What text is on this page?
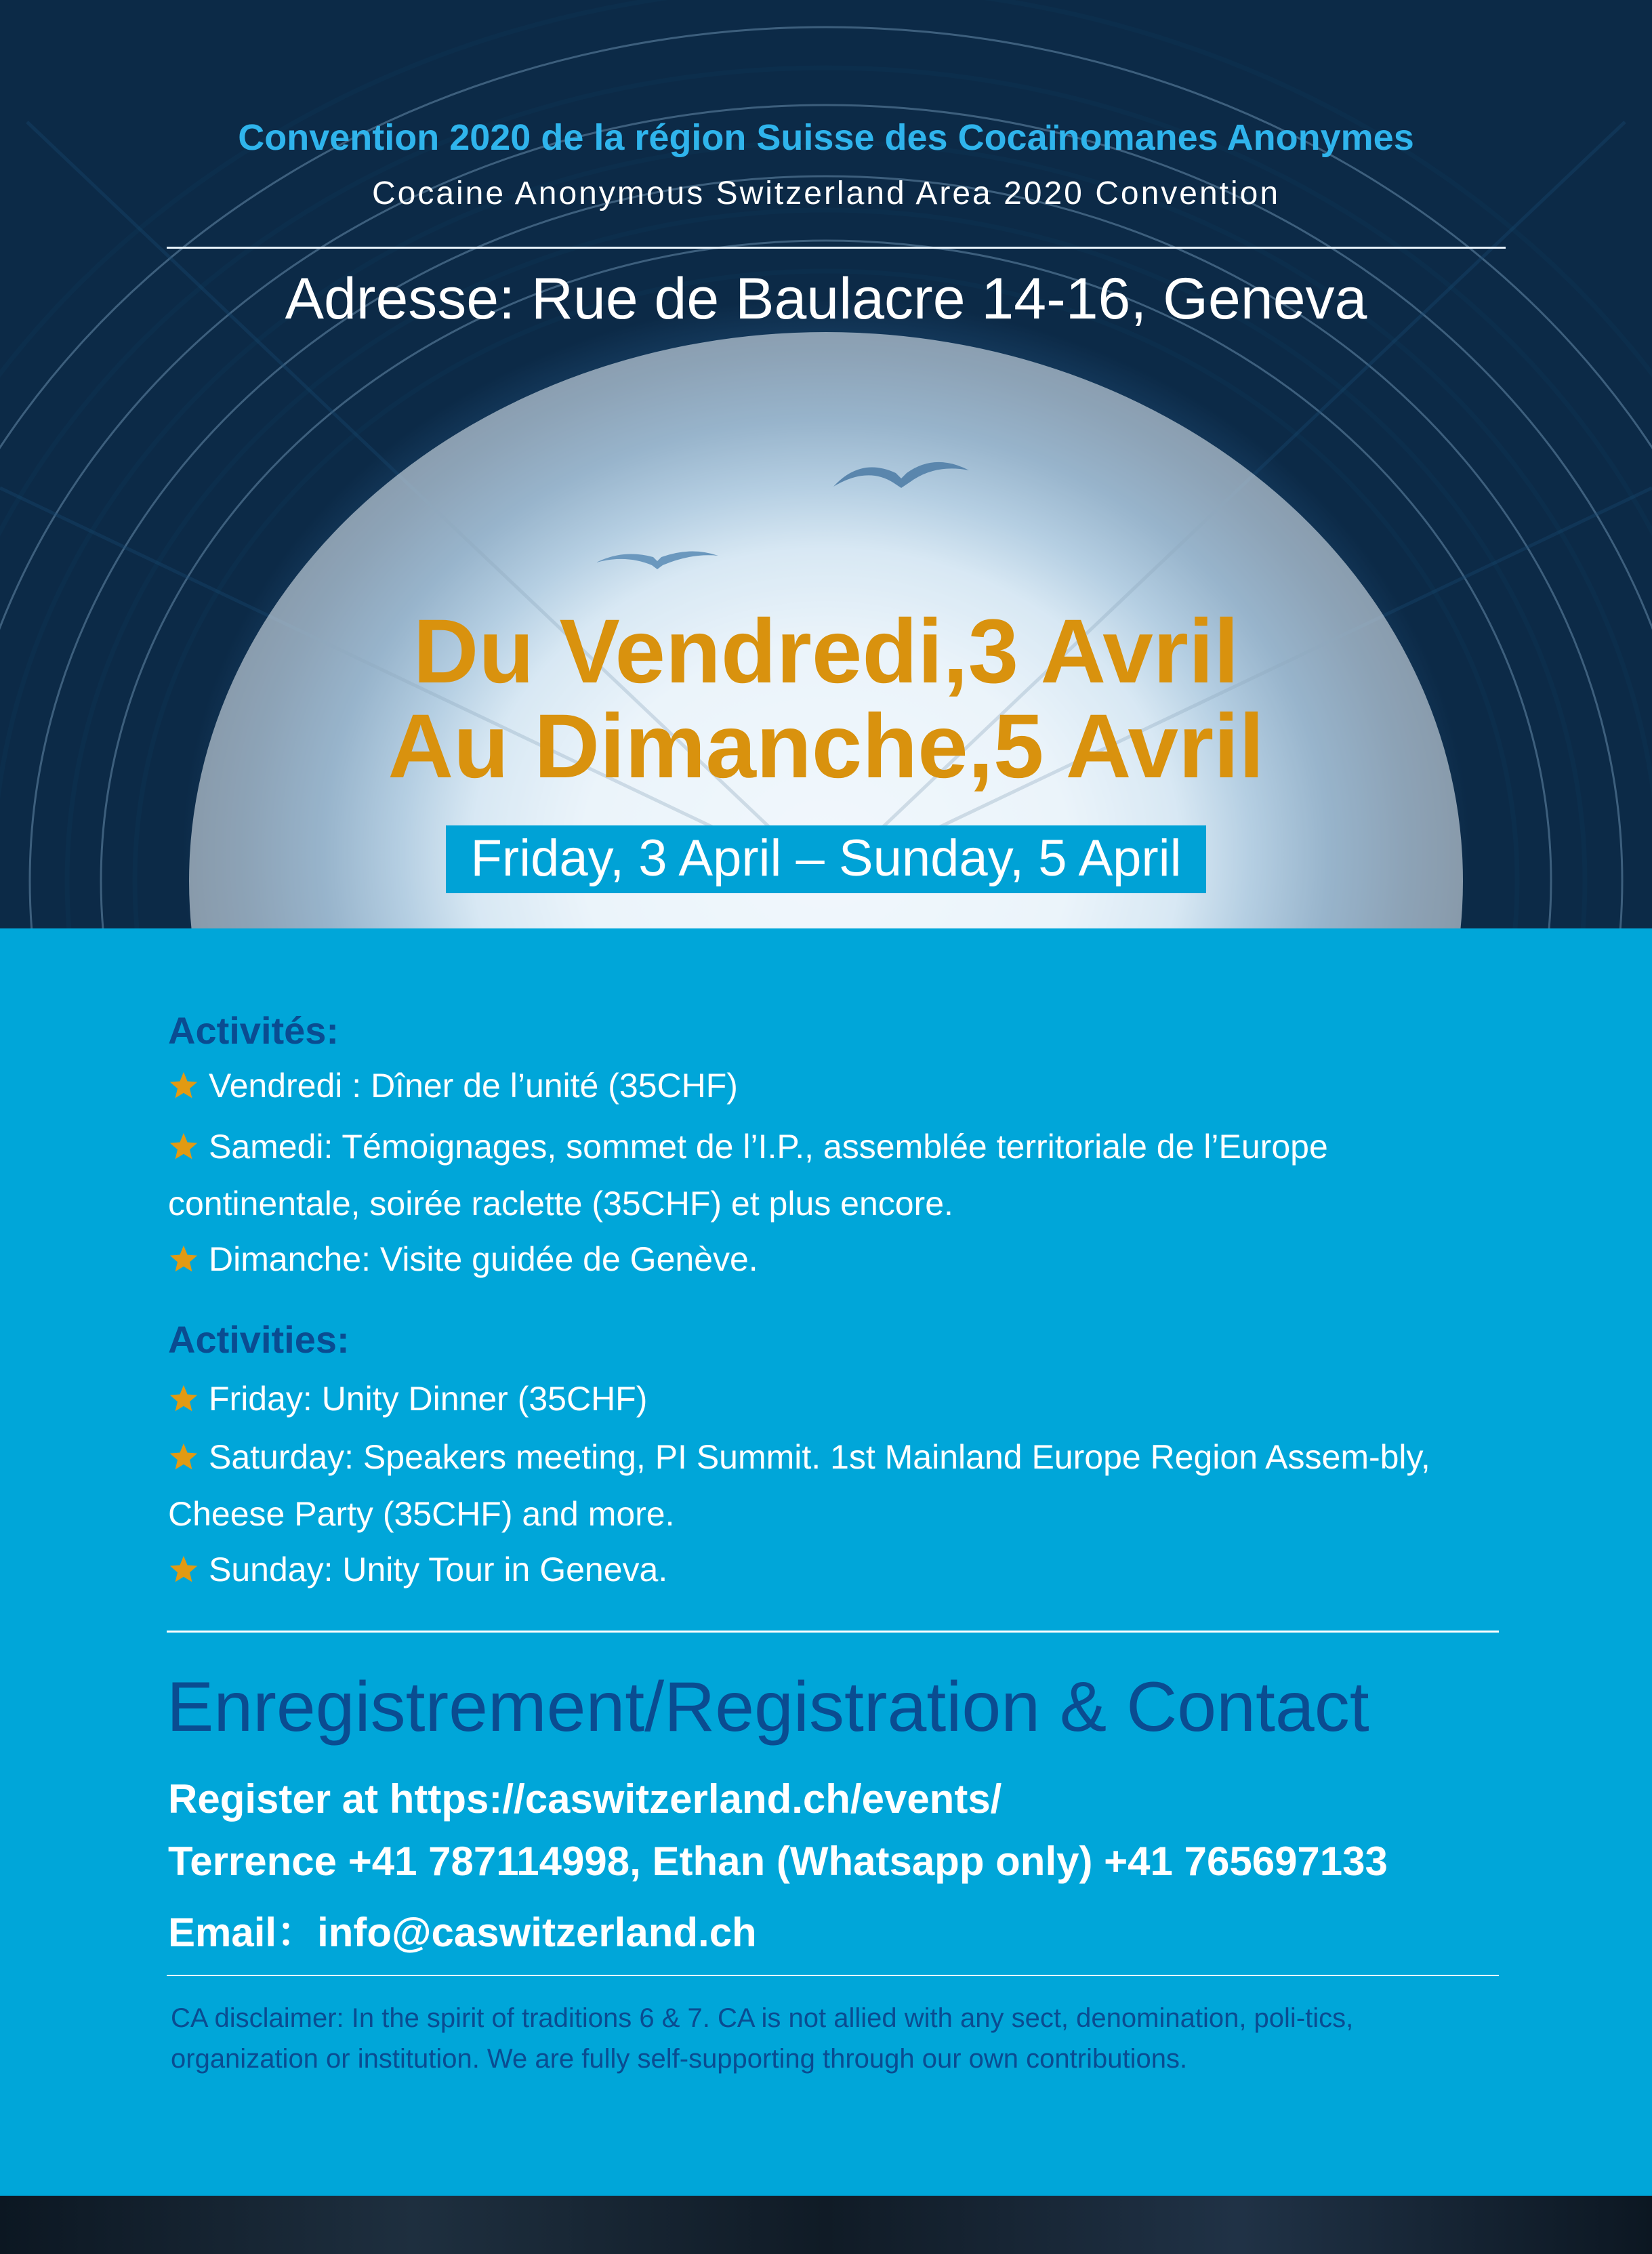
Convention 2020 de la région Suisse des Cocaïnomanes Anonymes
Cocaine Anonymous Switzerland Area 2020 Convention
Adresse: Rue de Baulacre 14-16, Geneva
Du Vendredi,3 Avril
Au Dimanche,5 Avril
Friday, 3 April – Sunday, 5 April
Activités:
Vendredi : Dîner de l’unité (35CHF)
Samedi: Témoignages, sommet de l’I.P., assemblée territoriale de l’Europe continentale, soirée raclette (35CHF) et plus encore.
Dimanche: Visite guidée de Genève.
Activities:
Friday: Unity Dinner (35CHF)
Saturday: Speakers meeting, PI Summit. 1st Mainland Europe Region Assem-bly, Cheese Party (35CHF) and more.
Sunday: Unity Tour in Geneva.
Enregistrement/Registration & Contact
Register at https://caswitzerland.ch/events/
Terrence +41 787114998, Ethan (Whatsapp only) +41 765697133
Email：info@caswitzerland.ch
CA disclaimer: In the spirit of traditions 6 & 7. CA is not allied with any sect, denomination, poli-tics, organization or institution. We are fully self-supporting through our own contributions.
